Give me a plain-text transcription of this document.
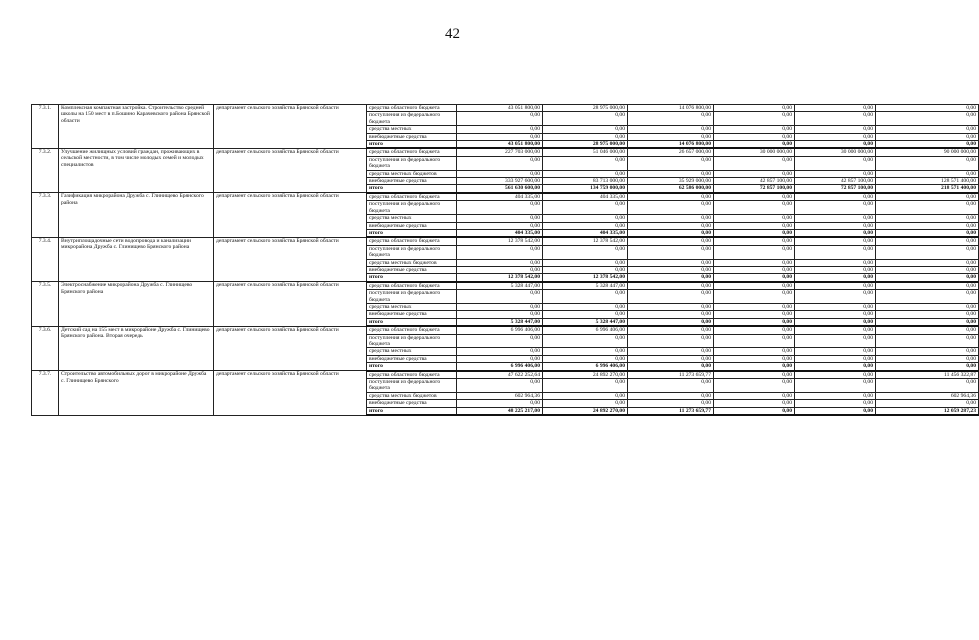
42
7.3.1.	Комплексная компактная застройка. Строительство средней школы на 150 мест в п.Бошино Карачевского района Брянской области	департамент сельского хозяйства Брянской области	средства областного бюджета	43 051 800,00	28 975 000,00	14 076 800,00	0,00	0,00	0,00
			поступления из федерального бюджета	0,00	0,00	0,00	0,00	0,00	0,00
			средства местных	0,00	0,00	0,00	0,00	0,00	0,00
			внебюджетные средства	0,00	0,00	0,00	0,00	0,00	0,00
			итого	43 051 800,00	28 975 000,00	14 076 800,00	0,00	0,00	0,00
7.3.2.	Улучшение жилищных условий граждан, проживающих в сельской местности, в том числе молодых семей и молодых специалистов	департамент сельского хозяйства Брянской области	средства областного бюджета	227 703 000,00	51 046 000,00	26 657 000,00	30 000 000,00	30 000 000,00	90 000 000,00
			поступления из федерального бюджета	0,00	0,00	0,00	0,00	0,00	0,00
			средства местных бюджетов	0,00	0,00	0,00	0,00	0,00	0,00
			внебюджетные средства	333 927 600,00	83 713 000,00	35 929 000,00	42 857 100,00	42 857 100,00	128 571 400,00
			итого	561 630 600,00	134 759 000,00	62 586 000,00	72 857 100,00	72 857 100,00	218 571 400,00
7.3.3.	Газификация микрорайона Дружба с. Глинищево Брянского района	департамент сельского хозяйства Брянской области	средства областного бюджета	404 335,00	404 335,00	0,00	0,00	0,00	0,00
			поступления из федерального бюджета	0,00	0,00	0,00	0,00	0,00	0,00
			средства местных	0,00	0,00	0,00	0,00	0,00	0,00
			внебюджетные средства	0,00	0,00	0,00	0,00	0,00	0,00
			итого	404 335,00	404 335,00	0,00	0,00	0,00	0,00
7.3.4.	Внутриплощадочные сети водопровода и канализации микрорайона Дружба с. Глинищево Брянского района	департамент сельского хозяйства Брянской области	средства областного бюджета	12 378 542,00	12 378 542,00	0,00	0,00	0,00	0,00
			поступления из федерального бюджета	0,00	0,00	0,00	0,00	0,00	0,00
			средства местных бюджетов	0,00	0,00	0,00	0,00	0,00	0,00
			внебюджетные средства	0,00	0,00	0,00	0,00	0,00	0,00
			итого	12 378 542,00	12 378 542,00	0,00	0,00	0,00	0,00
7.3.5.	Электроснабжение микрорайона Дружба с. Глинищево Брянского района	департамент сельского хозяйства Брянской области	средства областного бюджета	5 328 447,00	5 328 447,00	0,00	0,00	0,00	0,00
			поступления из федерального бюджета	0,00	0,00	0,00	0,00	0,00	0,00
			средства местных	0,00	0,00	0,00	0,00	0,00	0,00
			внебюджетные средства	0,00	0,00	0,00	0,00	0,00	0,00
			итого	5 328 447,00	5 328 447,00	0,00	0,00	0,00	0,00
7.3.6.	Детский сад на 155 мест в микрорайоне Дружба с. Глинищево Брянского района. Вторая очередь	департамент сельского хозяйства Брянской области	средства областного бюджета	6 996 406,00	6 996 406,00	0,00	0,00	0,00	0,00
			поступления из федерального бюджета	0,00	0,00	0,00	0,00	0,00	0,00
			средства местных	0,00	0,00	0,00	0,00	0,00	0,00
			внебюджетные средства	0,00	0,00	0,00	0,00	0,00	0,00
			итого	6 996 406,00	6 996 406,00	0,00	0,00	0,00	0,00
7.3.7.	Строительство автомобильных дорог в микрорайоне Дружба с. Глинищево Брянского	департамент сельского хозяйства Брянской области	средства областного бюджета	47 622 252,64	24 892 270,00	11 273 659,77	0,00	0,00	11 456 322,87
			поступления из федерального бюджета	0,00	0,00	0,00	0,00	0,00	0,00
			средства местных бюджетов	602 964,36	0,00	0,00	0,00	0,00	602 964,36
			внебюджетные средства	0,00	0,00	0,00	0,00	0,00	0,00
			итого	48 225 217,00	24 892 270,00	11 273 659,77	0,00	0,00	12 059 287,23
